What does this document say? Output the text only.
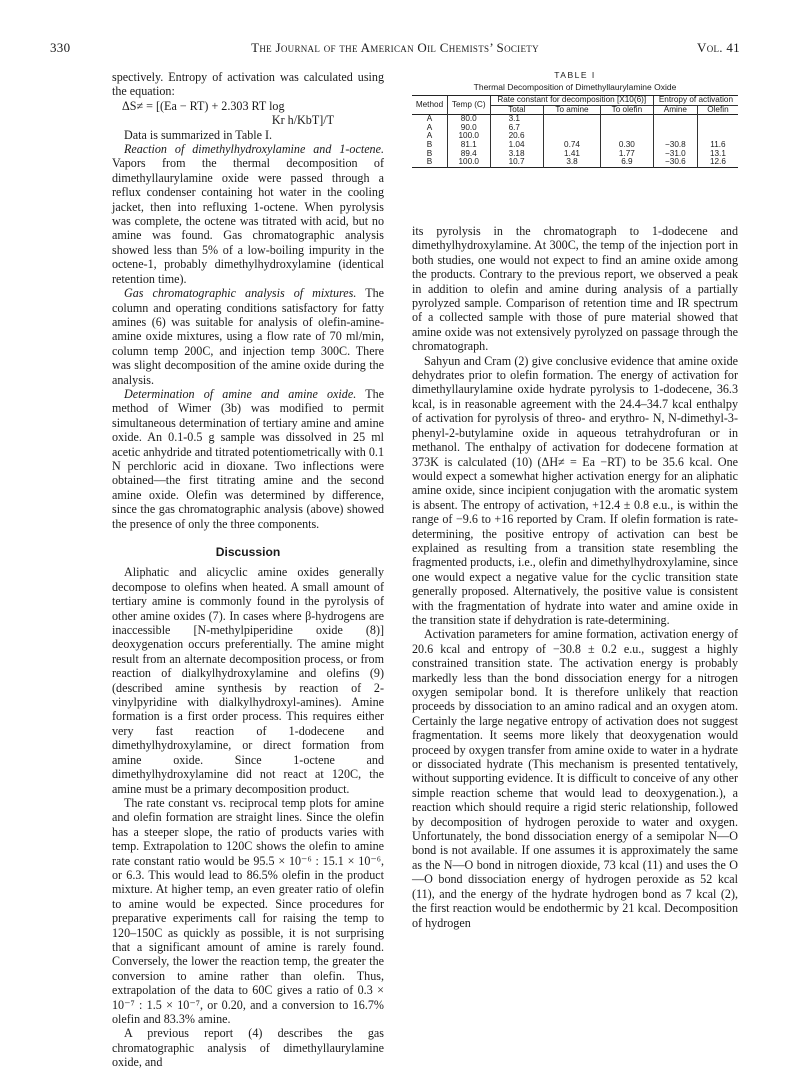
330	The Journal of the American Oil Chemists’ Society	Vol. 41

spectively. Entropy of activation was calculated using the equation:

ΔS≠ = [(Ea − RT) + 2.303 RT log

Kr h/KbT]/T

Data is summarized in Table I.

Reaction of dimethylhydroxylamine and 1-octene. Vapors from the thermal decomposition of dimethyllaurylamine oxide were passed through a reflux condenser containing hot water in the cooling jacket, then into refluxing 1-octene. When pyrolysis was complete, the octene was titrated with acid, but no amine was found. Gas chromatographic analysis showed less than 5% of a low-boiling impurity in the octene-1, probably dimethylhydroxylamine (identical retention time).

Gas chromatographic analysis of mixtures. The column and operating conditions satisfactory for fatty amines (6) was suitable for analysis of olefin-amine-amine oxide mixtures, using a flow rate of 70 ml/min, column temp 200C, and injection temp 300C. There was slight decomposition of the amine oxide during the analysis.

Determination of amine and amine oxide. The method of Wimer (3b) was modified to permit simultaneous determination of tertiary amine and amine oxide. An 0.1-0.5 g sample was dissolved in 25 ml acetic anhydride and titrated potentiometrically with 0.1 N perchloric acid in dioxane. Two inflections were obtained—the first titrating amine and the second amine oxide. Olefin was determined by difference, since the gas chromatographic analysis (above) showed the presence of only the three components.

Discussion

Aliphatic and alicyclic amine oxides generally decompose to olefins when heated. A small amount of tertiary amine is commonly found in the pyrolysis of other amine oxides (7). In cases where β-hydrogens are inaccessible [N-methylpiperidine oxide (8)] deoxygenation occurs preferentially. The amine might result from an alternate decomposition process, or from reaction of dialkylhydroxylamine and olefins (9) (described amine synthesis by reaction of 2-vinylpyridine with dialkylhydroxyl-amines). Amine formation is a first order process. This requires either very fast reaction of 1-dodecene and dimethylhydroxylamine, or direct formation from amine oxide. Since 1-octene and dimethylhydroxylamine did not react at 120C, the amine must be a primary decomposition product.

The rate constant vs. reciprocal temp plots for amine and olefin formation are straight lines. Since the olefin has a steeper slope, the ratio of products varies with temp. Extrapolation to 120C shows the olefin to amine rate constant ratio would be 95.5 × 10⁻⁶ : 15.1 × 10⁻⁶, or 6.3. This would lead to 86.5% olefin in the product mixture. At higher temp, an even greater ratio of olefin to amine would be expected. Since procedures for preparative experiments call for raising the temp to 120–150C as quickly as possible, it is not surprising that a significant amount of amine is rarely found. Conversely, the lower the reaction temp, the greater the conversion to amine rather than olefin. Thus, extrapolation of the data to 60C gives a ratio of 0.3 × 10⁻⁷ : 1.5 × 10⁻⁷, or 0.20, and a conversion to 16.7% olefin and 83.3% amine.

A previous report (4) describes the gas chromatographic analysis of dimethyllaurylamine oxide, and

TABLE I
Thermal Decomposition of Dimethyllaurylamine Oxide
Method	Temp (C)	Rate constant for decomposition [X10(6)]			Entropy of activation	
		Total	To amine	To olefin	Amine	Olefin
A	80.0	3.1				
A	90.0	6.7				
A	100.0	20.6				
B	81.1	1.04	0.74	0.30	−30.8	11.6
B	89.4	3.18	1.41	1.77	−31.0	13.1
B	100.0	10.7	3.8	6.9	−30.6	12.6

its pyrolysis in the chromatograph to 1-dodecene and dimethylhydroxylamine. At 300C, the temp of the injection port in both studies, one would not expect to find an amine oxide among the products. Contrary to the previous report, we observed a peak in addition to olefin and amine during analysis of a partially pyrolyzed sample. Comparison of retention time and IR spectrum of a collected sample with those of pure material showed that amine oxide was not extensively pyrolyzed on passage through the chromatograph.

Sahyun and Cram (2) give conclusive evidence that amine oxide dehydrates prior to olefin formation. The energy of activation for dimethyllaurylamine oxide hydrate pyrolysis to 1-dodecene, 36.3 kcal, is in reasonable agreement with the 24.4–34.7 kcal enthalpy of activation for pyrolysis of threo- and erythro- N, N-dimethyl-3-phenyl-2-butylamine oxide in aqueous tetrahydrofuran or in methanol. The enthalpy of activation for dodecene formation at 373K is calculated (10) (ΔH≠ = Ea −RT) to be 35.6 kcal. One would expect a somewhat higher activation energy for an aliphatic amine oxide, since incipient conjugation with the aromatic system is absent. The entropy of activation, +12.4 ± 0.8 e.u., is within the range of −9.6 to +16 reported by Cram. If olefin formation is rate-determining, the positive entropy of activation can best be explained as resulting from a transition state resembling the fragmented products, i.e., olefin and dimethylhydroxylamine, since one would expect a negative value for the cyclic transition state generally proposed. Alternatively, the positive value is consistent with the fragmentation of hydrate into water and amine oxide in the transition state if dehydration is rate-determining.

Activation parameters for amine formation, activation energy of 20.6 kcal and entropy of −30.8 ± 0.2 e.u., suggest a highly constrained transition state. The activation energy is probably markedly less than the bond dissociation energy for a nitrogen oxygen semipolar bond. It is therefore unlikely that reaction proceeds by dissociation to an amino radical and an oxygen atom. Certainly the large negative entropy of activation does not suggest fragmentation. It seems more likely that deoxygenation would proceed by oxygen transfer from amine oxide to water in a hydrate or dissociated hydrate (This mechanism is presented tentatively, without supporting evidence. It is difficult to conceive of any other simple reaction scheme that would lead to deoxygenation.), a reaction which should require a rigid steric relationship, followed by decomposition of hydrogen peroxide to water and oxygen. Unfortunately, the bond dissociation energy of a semipolar N—O bond is not available. If one assumes it is approximately the same as the N—O bond in nitrogen dioxide, 73 kcal (11) and uses the O—O bond dissociation energy of hydrogen peroxide as 52 kcal (11), and the energy of the hydrate hydrogen bond as 7 kcal (2), the first reaction would be endothermic by 21 kcal. Decomposition of hydrogen
